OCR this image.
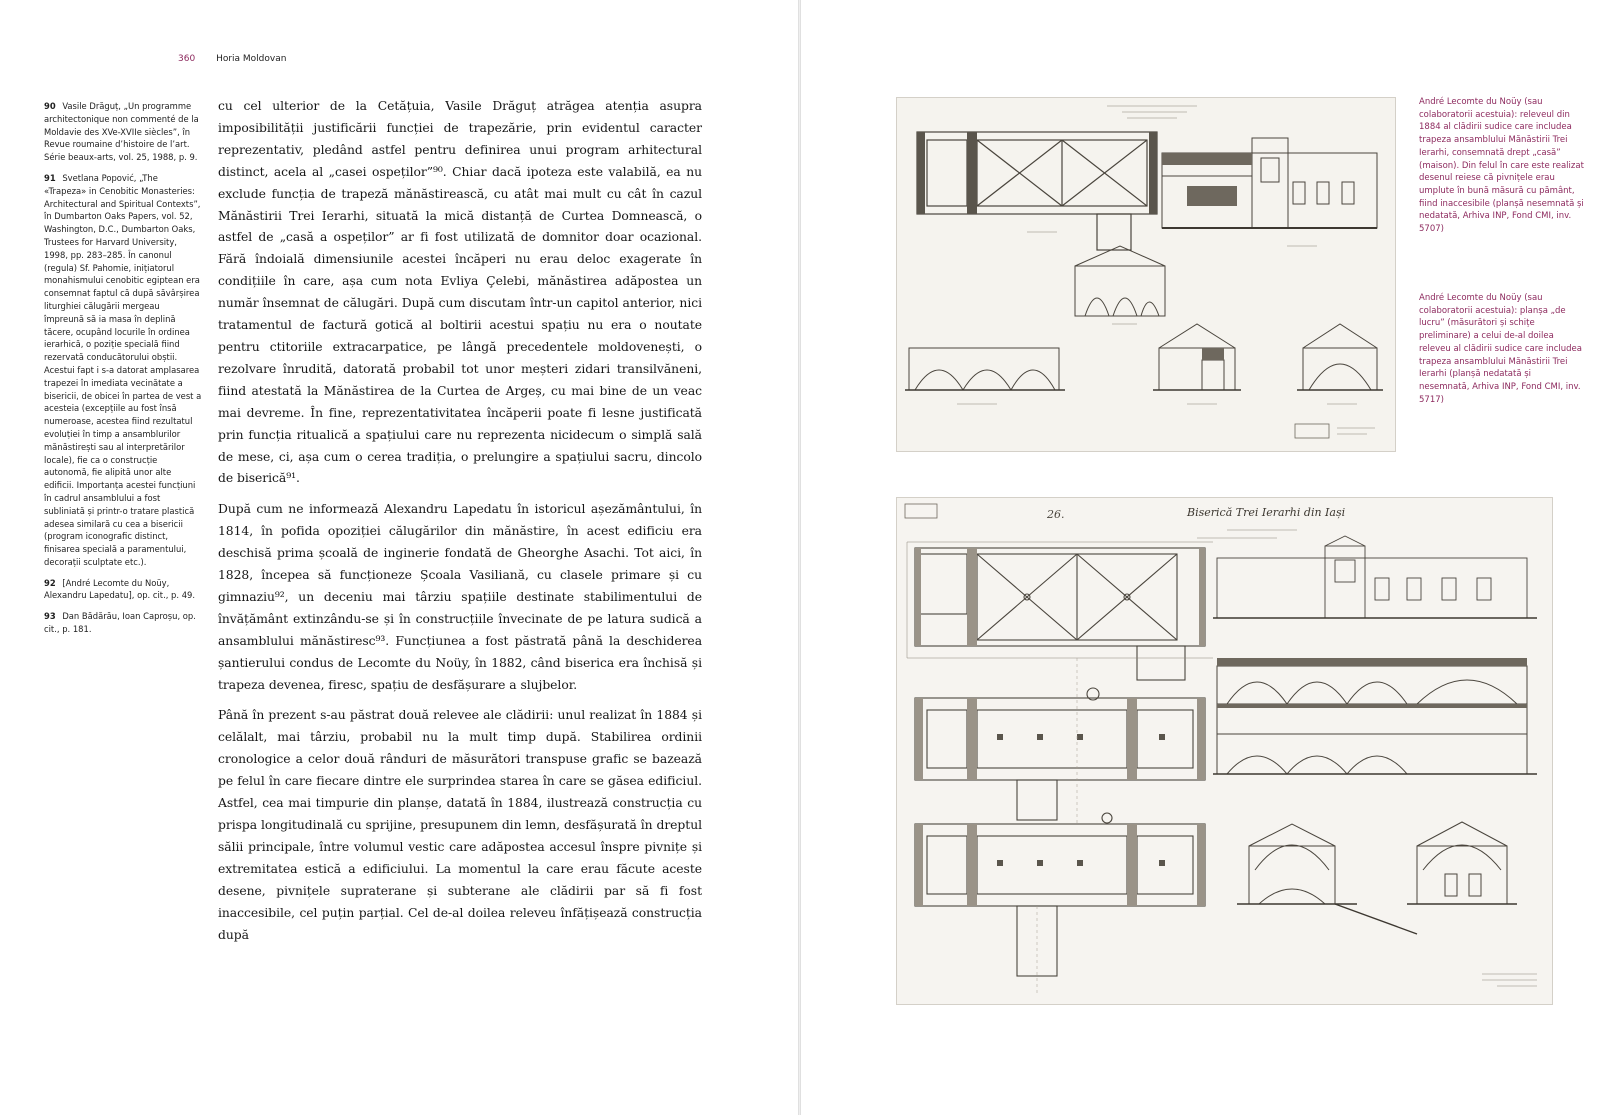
360 Horia Moldovan

90 Vasile Drăguț, „Un programme architectonique non commenté de la Moldavie des XVe-XVIIe siècles”, în Revue roumaine d’histoire de l’art. Série beaux-arts, vol. 25, 1988, p. 9.

91 Svetlana Popović, „The «Trapeza» in Cenobitic Monasteries: Architectural and Spiritual Contexts”, în Dumbarton Oaks Papers, vol. 52, Washington, D.C., Dumbarton Oaks, Trustees for Harvard University, 1998, pp. 283–285. În canonul (regula) Sf. Pahomie, inițiatorul monahismului cenobitic egiptean era consemnat faptul că după săvârșirea liturghiei călugării mergeau împreună să ia masa în deplină tăcere, ocupând locurile în ordinea ierarhică, o poziție specială fiind rezervată conducătorului obștii. Acestui fapt i s-a datorat amplasarea trapezei în imediata vecinătate a bisericii, de obicei în partea de vest a acesteia (excepțiile au fost însă numeroase, acestea fiind rezultatul evoluției în timp a ansamblurilor mănăstirești sau al interpretărilor locale), fie ca o construcție autonomă, fie alipită unor alte edificii. Importanța acestei funcțiuni în cadrul ansamblului a fost subliniată și printr-o tratare plastică adesea similară cu cea a bisericii (program iconografic distinct, finisarea specială a paramentului, decorații sculptate etc.).

92 [André Lecomte du Noüy, Alexandru Lapedatu], op. cit., p. 49.

93 Dan Bădărău, Ioan Caproșu, op. cit., p. 181.

cu cel ulterior de la Cetățuia, Vasile Drăguț atrăgea atenția asupra imposibilității justificării funcției de trapezărie, prin evidentul caracter reprezentativ, pledând astfel pentru definirea unui program arhitectural distinct, acela al „casei ospeților”⁹⁰. Chiar dacă ipoteza este valabilă, ea nu exclude funcția de trapeză mănăstirească, cu atât mai mult cu cât în cazul Mănăstirii Trei Ierarhi, situată la mică distanță de Curtea Domnească, o astfel de „casă a ospeților” ar fi fost utilizată de domnitor doar ocazional. Fără îndoială dimensiunile acestei încăperi nu erau deloc exagerate în condițiile în care, așa cum nota Evliya Çelebi, mănăstirea adăpostea un număr însemnat de călugări. După cum discutam într-un capitol anterior, nici tratamentul de factură gotică al boltirii acestui spațiu nu era o noutate pentru ctitoriile extracarpatice, pe lângă precedentele moldovenești, o rezolvare înrudită, datorată probabil tot unor meșteri zidari transilvăneni, fiind atestată la Mănăstirea de la Curtea de Argeș, cu mai bine de un veac mai devreme. În fine, reprezentativitatea încăperii poate fi lesne justificată prin funcția ritualică a spațiului care nu reprezenta nicidecum o simplă sală de mese, ci, așa cum o cerea tradiția, o prelungire a spațiului sacru, dincolo de biserică⁹¹.

După cum ne informează Alexandru Lapedatu în istoricul așezământului, în 1814, în pofida opoziției călugărilor din mănăstire, în acest edificiu era deschisă prima școală de inginerie fondată de Gheorghe Asachi. Tot aici, în 1828, începea să funcționeze Școala Vasiliană, cu clasele primare și cu gimnaziu⁹², un deceniu mai târziu spațiile destinate stabilimentului de învățământ extinzându-se și în construcțiile învecinate de pe latura sudică a ansamblului mănăstiresc⁹³. Funcțiunea a fost păstrată până la deschiderea șantierului condus de Lecomte du Noüy, în 1882, când biserica era închisă și trapeza devenea, firesc, spațiu de desfășurare a slujbelor.

Până în prezent s-au păstrat două relevee ale clădirii: unul realizat în 1884 și celălalt, mai târziu, probabil nu la mult timp după. Stabilirea ordinii cronologice a celor două rânduri de măsurători transpuse grafic se bazează pe felul în care fiecare dintre ele surprindea starea în care se găsea edificiul. Astfel, cea mai timpurie din planșe, datată în 1884, ilustrează construcția cu prispa longitudinală cu sprijine, presupunem din lemn, desfășurată în dreptul sălii principale, între volumul vestic care adăpostea accesul înspre pivnițe și extremitatea estică a edificiului. La momentul la care erau făcute aceste desene, pivnițele supraterane și subterane ale clădirii par să fi fost inaccesibile, cel puțin parțial. Cel de-al doilea releveu înfățișează construcția după

26.	Biserică Trei Ierarhi din Iași
André Lecomte du Noüy (sau colaboratorii acestuia): releveul din 1884 al clădirii sudice care includea trapeza ansamblului Mănăstirii Trei Ierarhi, consemnată drept „casă” (maison). Din felul în care este realizat desenul reiese că pivnițele erau umplute în bună măsură cu pământ, fiind inaccesibile (planșă nesemnată și nedatată, Arhiva INP, Fond CMI, inv. 5707)
André Lecomte du Noüy (sau colaboratorii acestuia): planșa „de lucru” (măsurători și schițe preliminare) a celui de-al doilea releveu al clădirii sudice care includea trapeza ansamblului Mănăstirii Trei Ierarhi (planșă nedatată și nesemnată, Arhiva INP, Fond CMI, inv. 5717)
